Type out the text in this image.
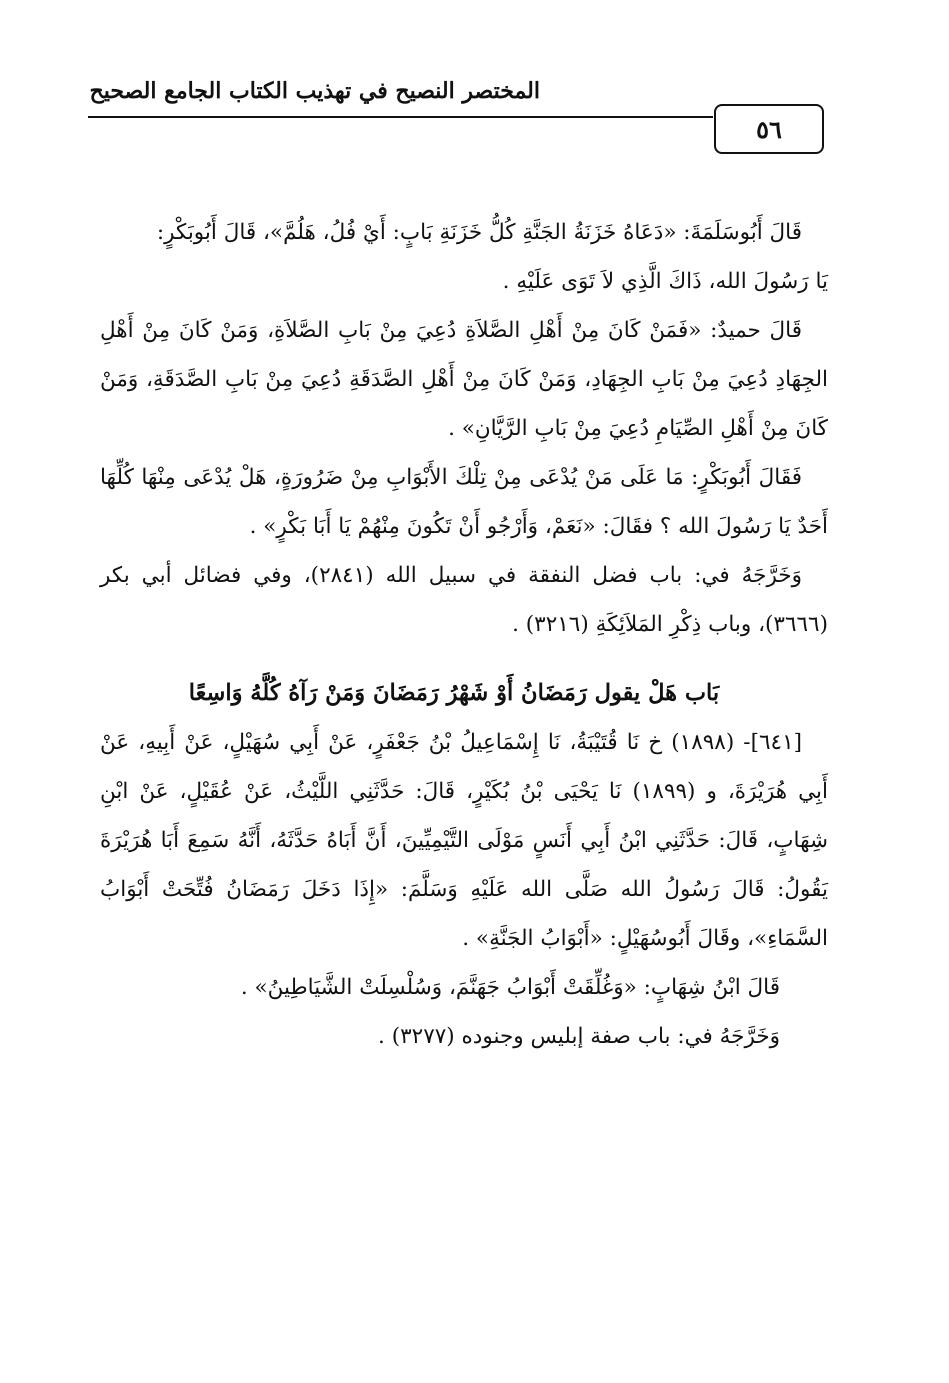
المختصر النصيح في تهذيب الكتاب الجامع الصحيح
٥٦

قَالَ أَبُوسَلَمَةَ: «دَعَاهُ خَزَنَةُ الجَنَّةِ كُلُّ خَزَنَةِ بَابٍ: أَيْ فُلُ، هَلُمَّ»، قَالَ أَبُوبَكْرٍ:
يَا رَسُولَ الله، ذَاكَ الَّذِي لاَ تَوَى عَلَيْهِ .

قَالَ حميدٌ: «فَمَنْ كَانَ مِنْ أَهْلِ الصَّلاَةِ دُعِيَ مِنْ بَابِ الصَّلاَةِ، وَمَنْ كَانَ مِنْ أَهْلِ الجِهَادِ دُعِيَ مِنْ بَابِ الجِهَادِ، وَمَنْ كَانَ مِنْ أَهْلِ الصَّدَقَةِ دُعِيَ مِنْ بَابِ الصَّدَقَةِ، وَمَنْ كَانَ مِنْ أَهْلِ الصِّيَامِ دُعِيَ مِنْ بَابِ الرَّيَّانِ» .

فَقَالَ أَبُوبَكْرٍ: مَا عَلَى مَنْ يُدْعَى مِنْ تِلْكَ الأَبْوَابِ مِنْ ضَرُورَةٍ، هَلْ يُدْعَى مِنْهَا كُلِّهَا أَحَدٌ يَا رَسُولَ الله ؟ فقَالَ: «نَعَمْ، وَأَرْجُو أَنْ تَكُونَ مِنْهُمْ يَا أَبَا بَكْرٍ» .

وَخَرَّجَهُ في: باب فضل النفقة في سبيل الله (٢٨٤١)، وفي فضائل أبي بكر (٣٦٦٦)، وباب ذِكْرِ المَلاَئِكَةِ (٣٢١٦) .

بَاب هَلْ يقول رَمَضَانُ أَوْ شَهْرُ رَمَضَانَ وَمَنْ رَآهُ كُلَّهُ وَاسِعًا

[٦٤١]- (١٨٩٨) خ نَا قُتَيْبَةُ، نَا إِسْمَاعِيلُ بْنُ جَعْفَرٍ، عَنْ أَبِي سُهَيْلٍ، عَنْ أَبِيهِ، عَنْ أَبِي هُرَيْرَةَ، و (١٨٩٩) نَا يَحْيَى بْنُ بُكَيْرٍ، قَالَ: حَدَّثَنِي اللَّيْثُ، عَنْ عُقَيْلٍ، عَنْ ابْنِ شِهَابٍ، قَالَ: حَدَّثَنِي ابْنُ أَبِي أَنَسٍ مَوْلَى التَّيْمِيِّينَ، أَنَّ أَبَاهُ حَدَّثَهُ، أَنَّهُ سَمِعَ أَبَا هُرَيْرَةَ يَقُولُ: قَالَ رَسُولُ الله صَلَّى الله عَلَيْهِ وَسَلَّمَ: «إِذَا دَخَلَ رَمَضَانُ فُتِّحَتْ أَبْوَابُ السَّمَاءِ»، وقَالَ أَبُوسُهَيْلٍ: «أَبْوَابُ الجَنَّةِ» .

قَالَ ابْنُ شِهَابٍ: «وَغُلِّقَتْ أَبْوَابُ جَهَنَّمَ، وَسُلْسِلَتْ الشَّيَاطِينُ» .

وَخَرَّجَهُ في: باب صفة إبليس وجنوده (٣٢٧٧) .
